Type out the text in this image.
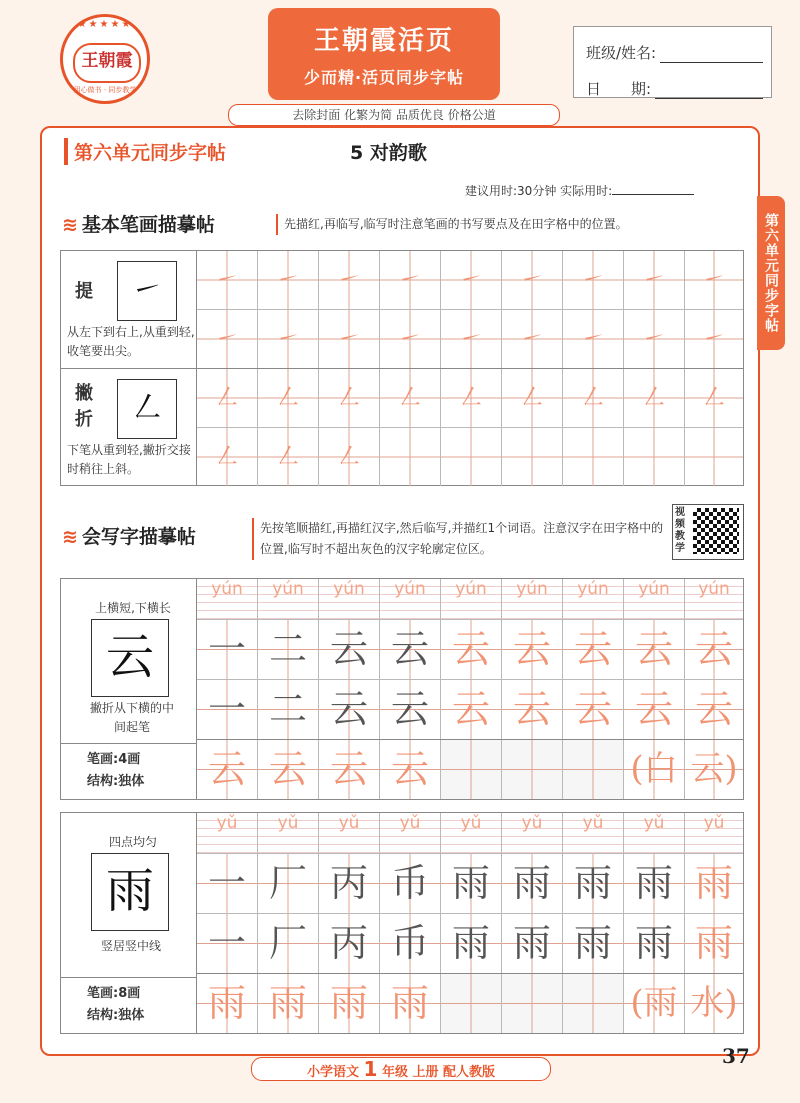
★★★★★
王朝霞
用心做书 · 同步教学
王朝霞活页
少而精·活页同步字帖
去除封面 化繁为简 品质优良 价格公道
班级/姓名:
日　　期:
第六单元同步字帖
第六单元同步字帖	5 对韵歌
建议用时:30分钟 实际用时:
≋ 基本笔画描摹帖	先描红,再临写,临写时注意笔画的书写要点及在田字格中的位置。
提	㇀
从左下到右上,从重到轻,收笔要出尖。
㇀	㇀	㇀	㇀	㇀	㇀	㇀	㇀	㇀
㇀	㇀	㇀	㇀	㇀	㇀	㇀	㇀	㇀
撇折	㇜
下笔从重到轻,撇折交接时稍往上斜。
㇜	㇜	㇜	㇜	㇜	㇜	㇜	㇜	㇜
㇜	㇜	㇜
≋ 会写字描摹帖	先按笔顺描红,再描红汉字,然后临写,并描红1个词语。注意汉字在田字格中的位置,临写时不超出灰色的汉字轮廓定位区。
视频教学
上横短,下横长
云
撇折从下横的中间起笔
笔画:4画
结构:独体
yún	yún	yún	yún	yún	yún	yún	yún	yún
一 二 云 云 云 云 云 云 云
一 二 云 云 云 云 云 云 云
云 云 云 云	(白 云)
四点均匀
雨
竖居竖中线
笔画:8画
结构:独体
yǔ	yǔ	yǔ	yǔ	yǔ	yǔ	yǔ	yǔ	yǔ
一 厂 丙 币 雨 雨 雨 雨 雨
一 厂 丙 币 雨 雨 雨 雨 雨
雨 雨 雨 雨	(雨 水)
小学语文 1 年级 上册 配人教版
37
